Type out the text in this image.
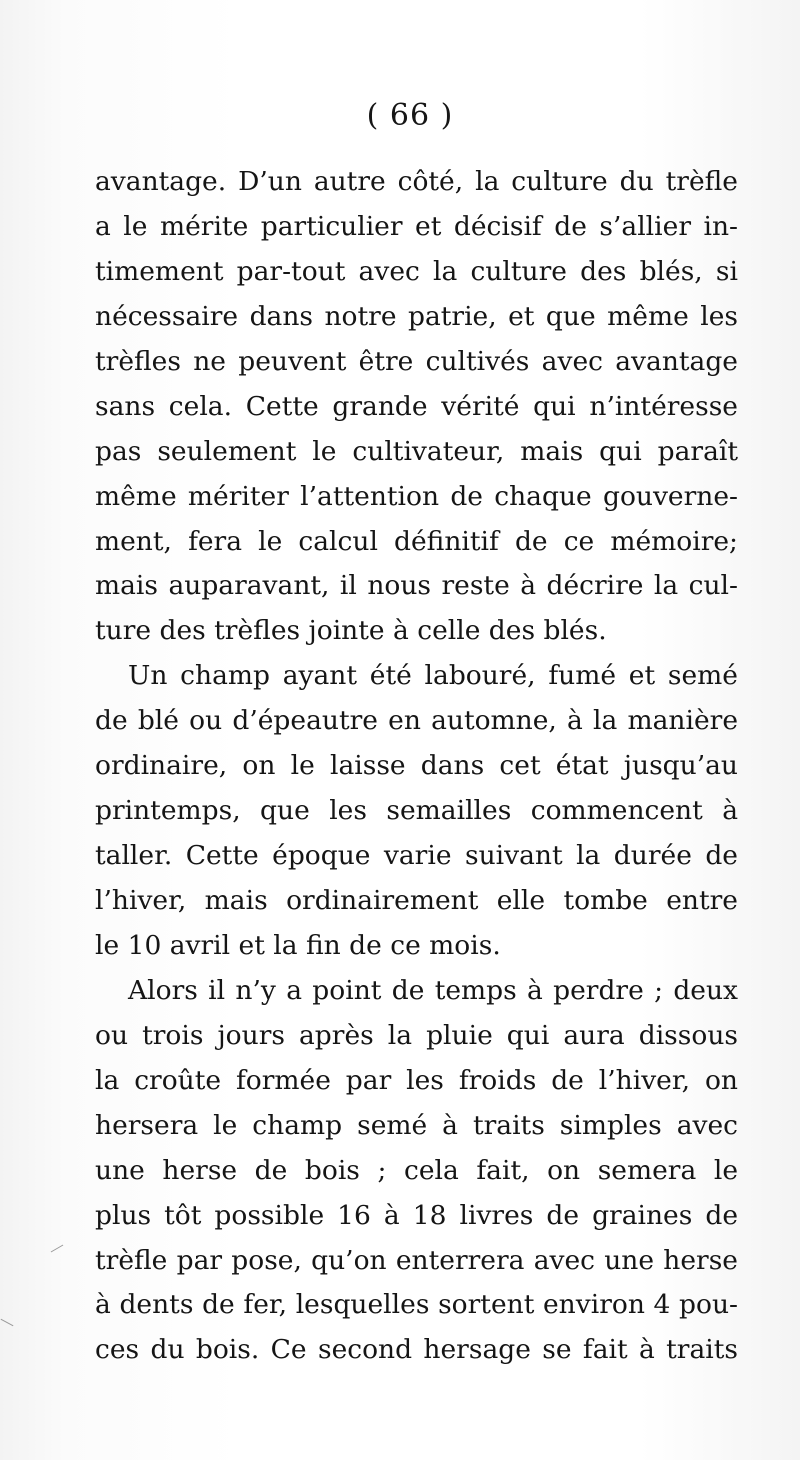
( 66 )
avantage. D’un autre côté, la culture du trèfle
a le mérite particulier et décisif de s’allier in-
timement par-tout avec la culture des blés, si
nécessaire dans notre patrie, et que même les
trèfles ne peuvent être cultivés avec avantage
sans cela. Cette grande vérité qui n’intéresse
pas seulement le cultivateur, mais qui paraît
même mériter l’attention de chaque gouverne-
ment, fera le calcul définitif de ce mémoire;
mais auparavant, il nous reste à décrire la cul-
ture des trèfles jointe à celle des blés.
Un champ ayant été labouré, fumé et semé
de blé ou d’épeautre en automne, à la manière
ordinaire, on le laisse dans cet état jusqu’au
printemps, que les semailles commencent à
taller. Cette époque varie suivant la durée de
l’hiver, mais ordinairement elle tombe entre
le 10 avril et la fin de ce mois.
Alors il n’y a point de temps à perdre ; deux
ou trois jours après la pluie qui aura dissous
la croûte formée par les froids de l’hiver, on
hersera le champ semé à traits simples avec
une herse de bois ; cela fait, on semera le
plus tôt possible 16 à 18 livres de graines de
trèfle par pose, qu’on enterrera avec une herse
à dents de fer, lesquelles sortent environ 4 pou-
ces du bois. Ce second hersage se fait à traits
